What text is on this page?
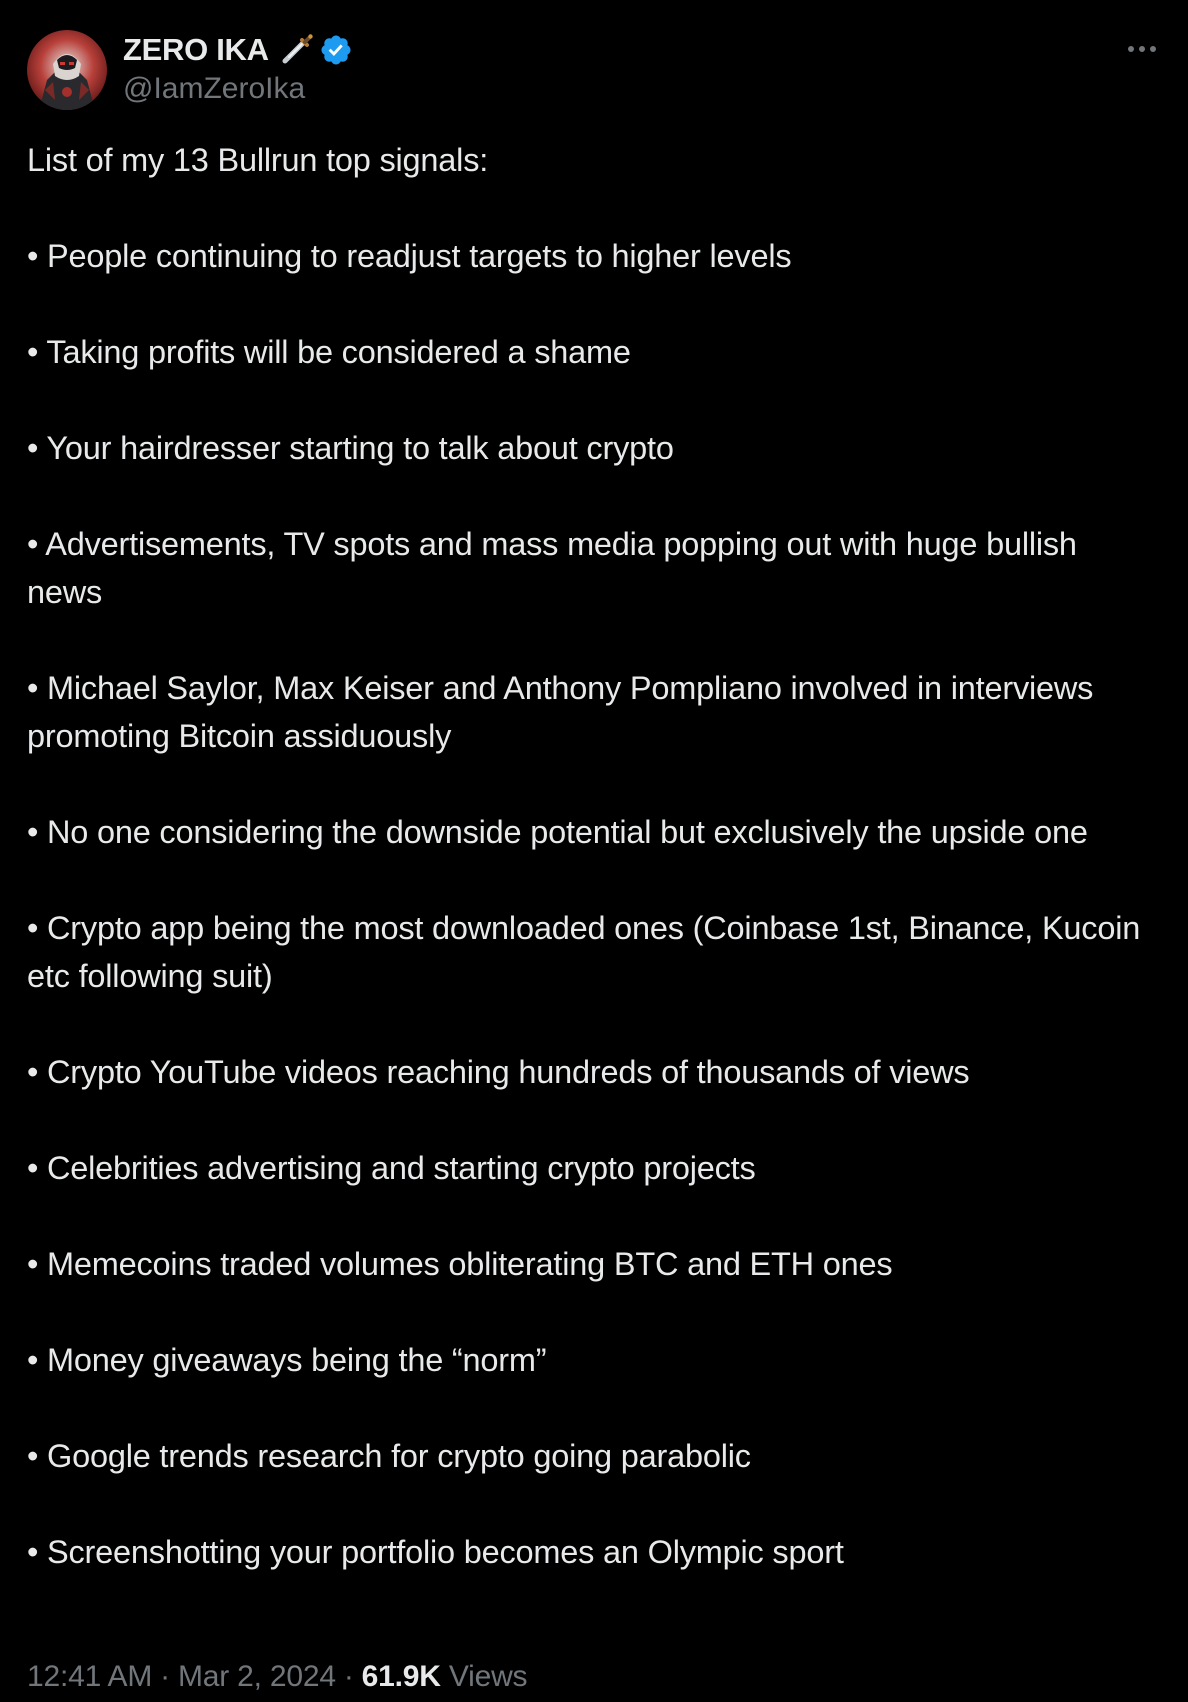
ZERO IKA
@IamZeroIka

List of my 13 Bullrun top signals:

• People continuing to readjust targets to higher levels

• Taking profits will be considered a shame

• Your hairdresser starting to talk about crypto

• Advertisements, TV spots and mass media popping out with huge bullish news

• Michael Saylor, Max Keiser and Anthony Pompliano involved in interviews promoting Bitcoin assiduously

• No one considering the downside potential but exclusively the upside one

• Crypto app being the most downloaded ones (Coinbase 1st, Binance, Kucoin etc following suit)

• Crypto YouTube videos reaching hundreds of thousands of views

• Celebrities advertising and starting crypto projects

• Memecoins traded volumes obliterating BTC and ETH ones

• Money giveaways being the “norm”

• Google trends research for crypto going parabolic

• Screenshotting your portfolio becomes an Olympic sport

12:41 AM · Mar 2, 2024 · 61.9K Views
